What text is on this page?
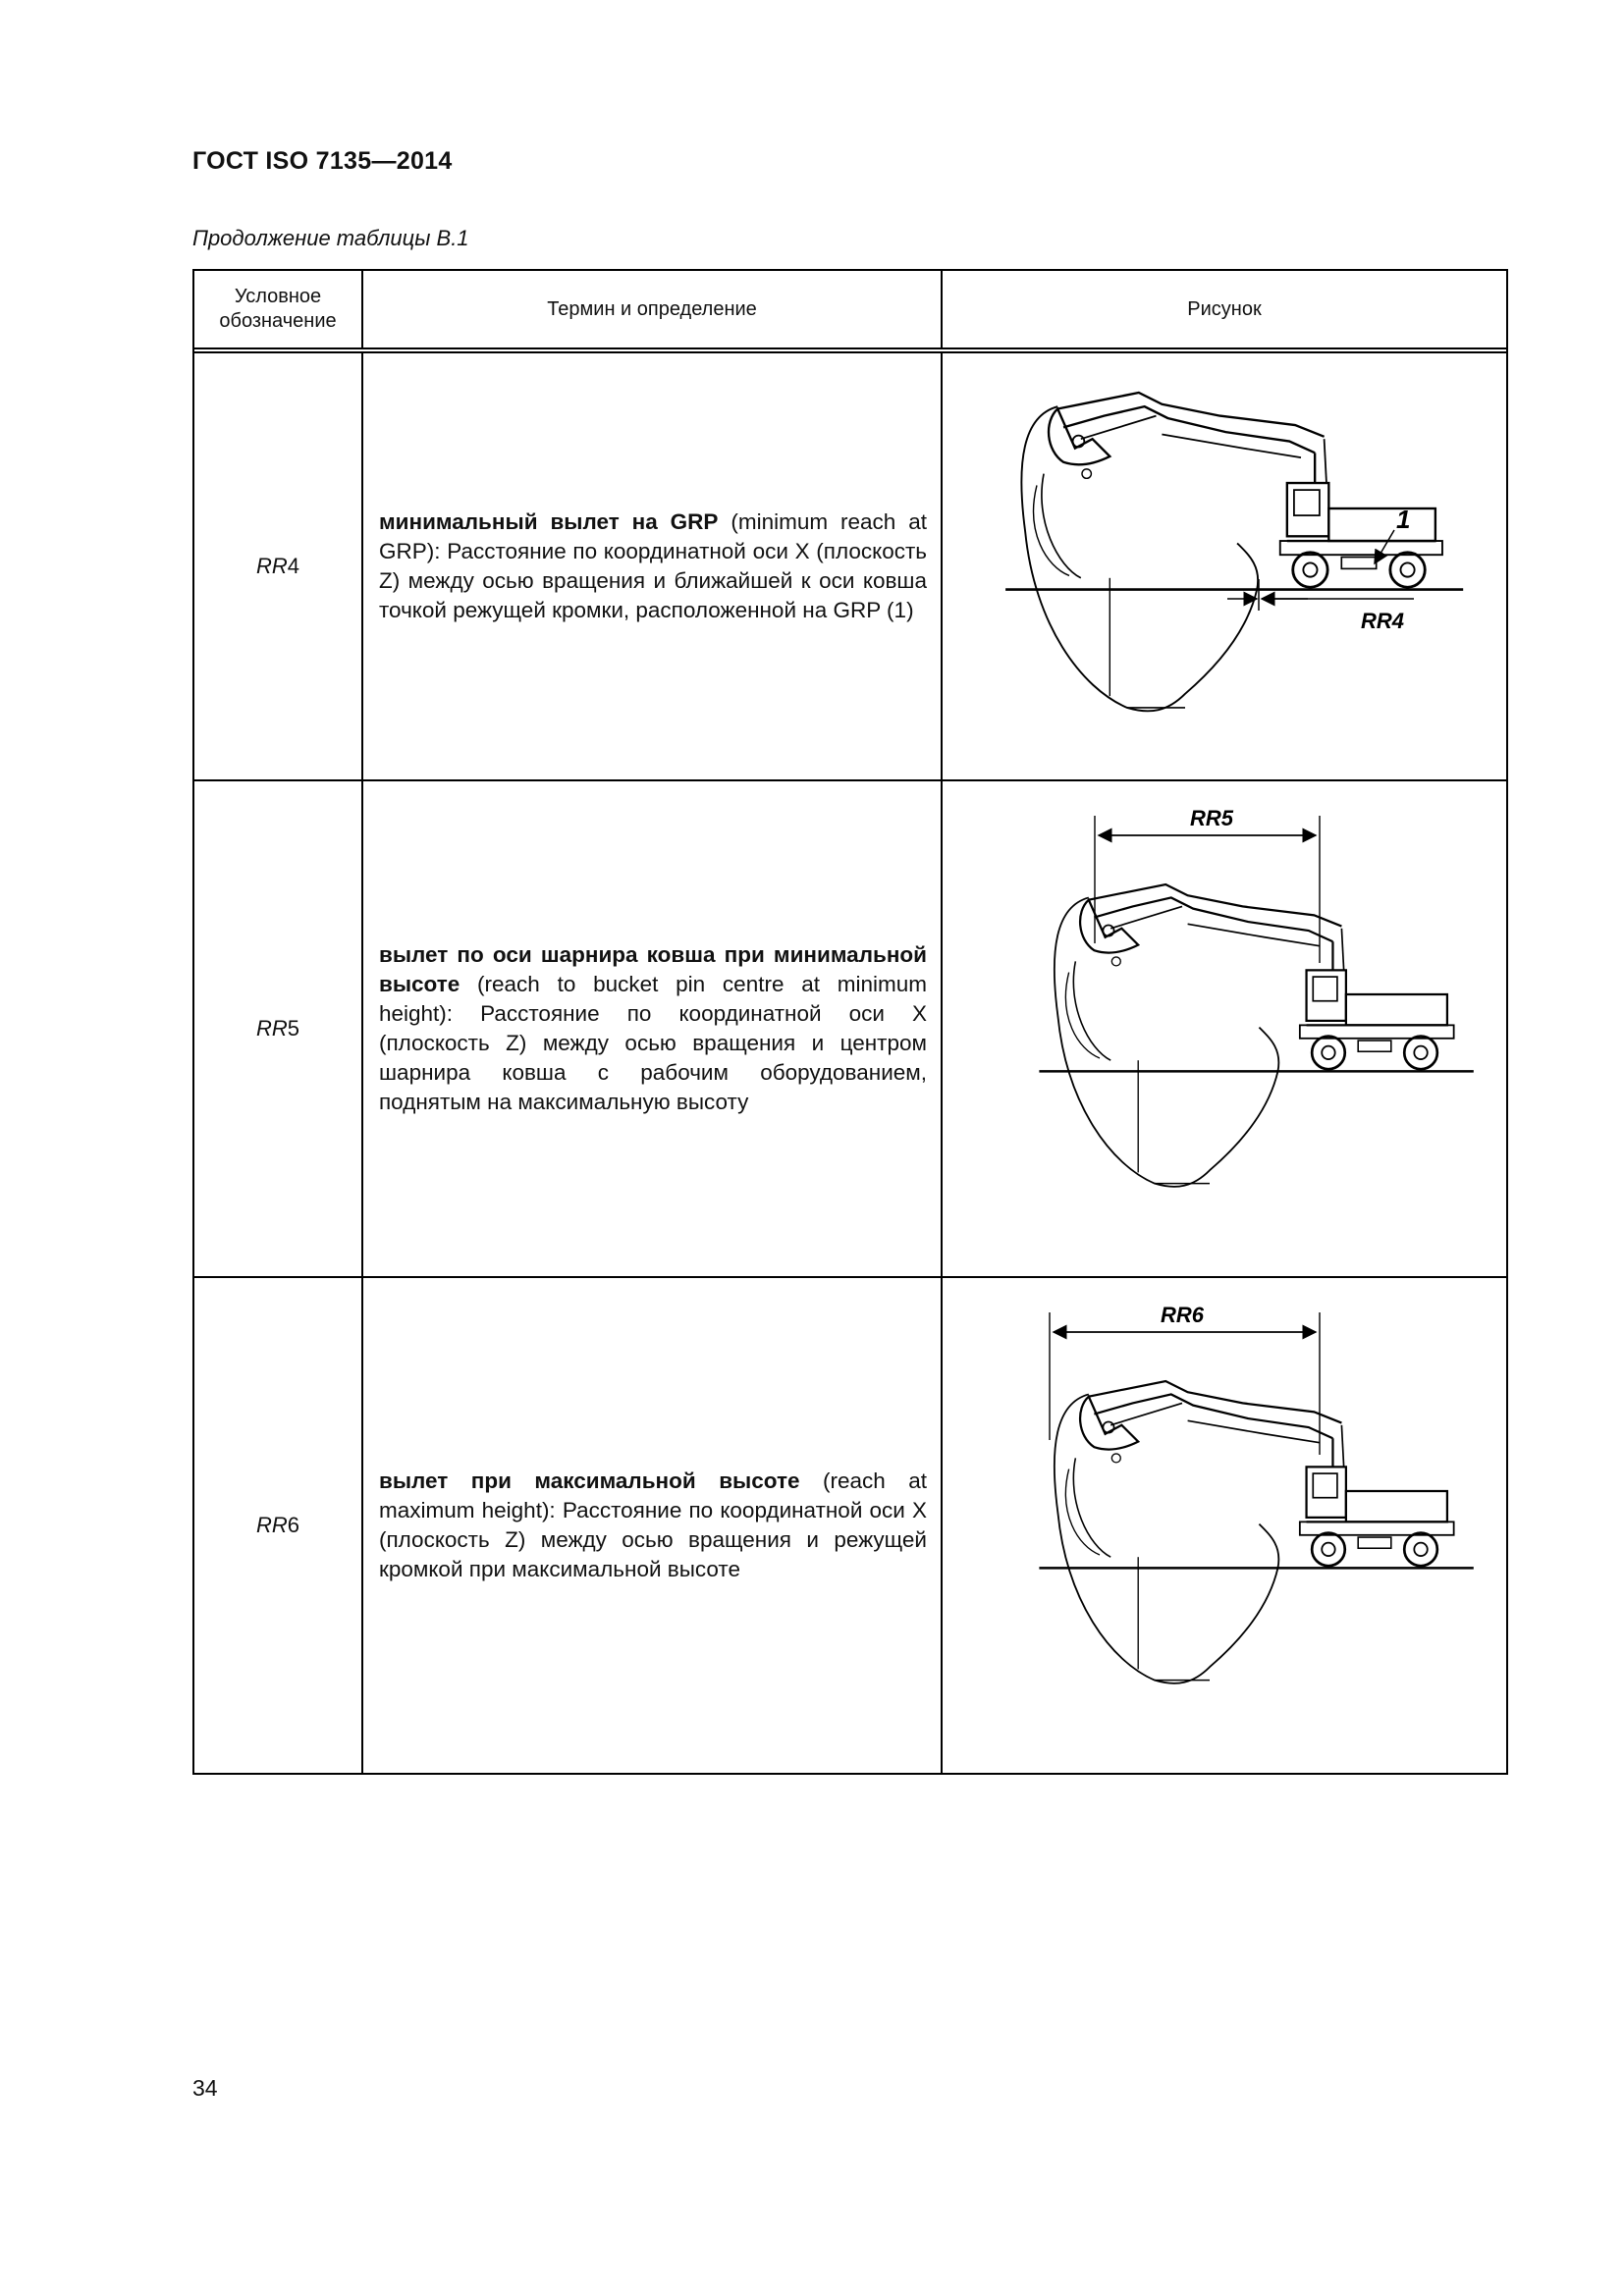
ГОСТ ISO 7135—2014
Продолжение таблицы В.1
Условное обозначение	Термин и определение	Рисунок

RR4	минимальный вылет на GRP (minimum reach at GRP): Расстояние по координатной оси X (плоскость Z) между осью вращения и ближайшей к оси ковша точкой режущей кромки, расположенной на GRP (1)	RR4
1

RR5	вылет по оси шарнира ковша при минимальной высоте (reach to bucket pin centre at minimum height): Расстояние по координатной оси X (плоскость Z) между осью вращения и центром шарнира ковша с рабочим оборудованием, поднятым на максимальную высоту	RR5

RR6	вылет при максимальной высоте (reach at maximum height): Расстояние по координатной оси X (плоскость Z) между осью вращения и режущей кромкой при максимальной высоте	RR6
34
